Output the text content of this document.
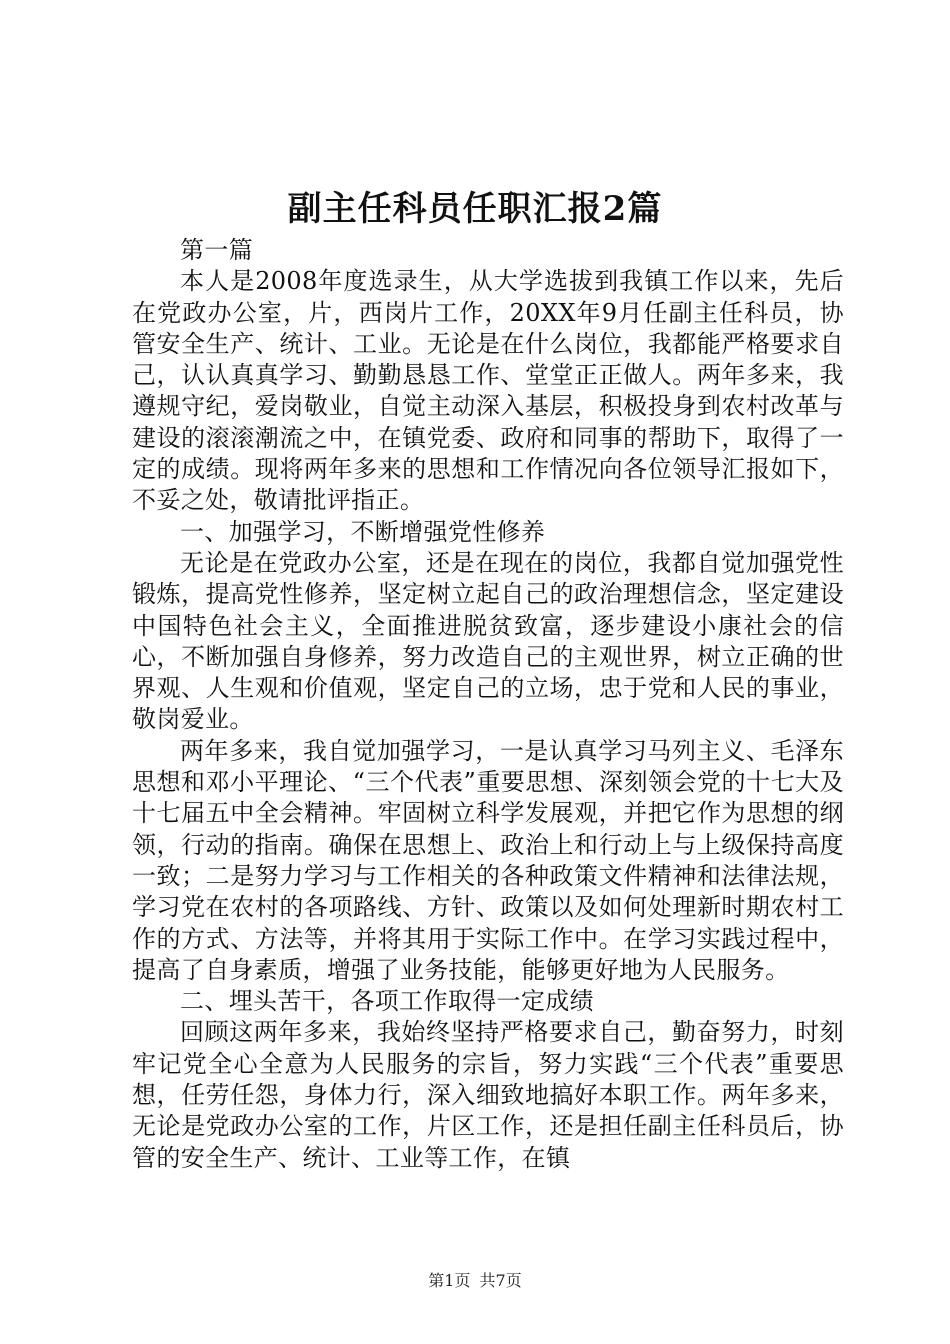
副主任科员任职汇报2篇

第一篇

本人是2008年度选录生，从大学选拔到我镇工作以来，先后在党政办公室，片，西岗片工作，20XX年9月任副主任科员，协管安全生产、统计、工业。无论是在什么岗位，我都能严格要求自己，认认真真学习、勤勤恳恳工作、堂堂正正做人。两年多来，我遵规守纪，爱岗敬业，自觉主动深入基层，积极投身到农村改革与建设的滚滚潮流之中，在镇党委、政府和同事的帮助下，取得了一定的成绩。现将两年多来的思想和工作情况向各位领导汇报如下，不妥之处，敬请批评指正。

一、加强学习，不断增强党性修养

无论是在党政办公室，还是在现在的岗位，我都自觉加强党性锻炼，提高党性修养，坚定树立起自己的政治理想信念，坚定建设中国特色社会主义，全面推进脱贫致富，逐步建设小康社会的信心，不断加强自身修养，努力改造自己的主观世界，树立正确的世界观、人生观和价值观，坚定自己的立场，忠于党和人民的事业，敬岗爱业。

两年多来，我自觉加强学习，一是认真学习马列主义、毛泽东思想和邓小平理论、“三个代表”重要思想、深刻领会党的十七大及十七届五中全会精神。牢固树立科学发展观，并把它作为思想的纲领，行动的指南。确保在思想上、政治上和行动上与上级保持高度一致；二是努力学习与工作相关的各种政策文件精神和法律法规，学习党在农村的各项路线、方针、政策以及如何处理新时期农村工作的方式、方法等，并将其用于实际工作中。在学习实践过程中，提高了自身素质，增强了业务技能，能够更好地为人民服务。

二、埋头苦干，各项工作取得一定成绩

回顾这两年多来，我始终坚持严格要求自己，勤奋努力，时刻牢记党全心全意为人民服务的宗旨，努力实践“三个代表”重要思想，任劳任怨，身体力行，深入细致地搞好本职工作。两年多来，无论是党政办公室的工作，片区工作，还是担任副主任科员后，协管的安全生产、统计、工业等工作，在镇

第1页 共7页
